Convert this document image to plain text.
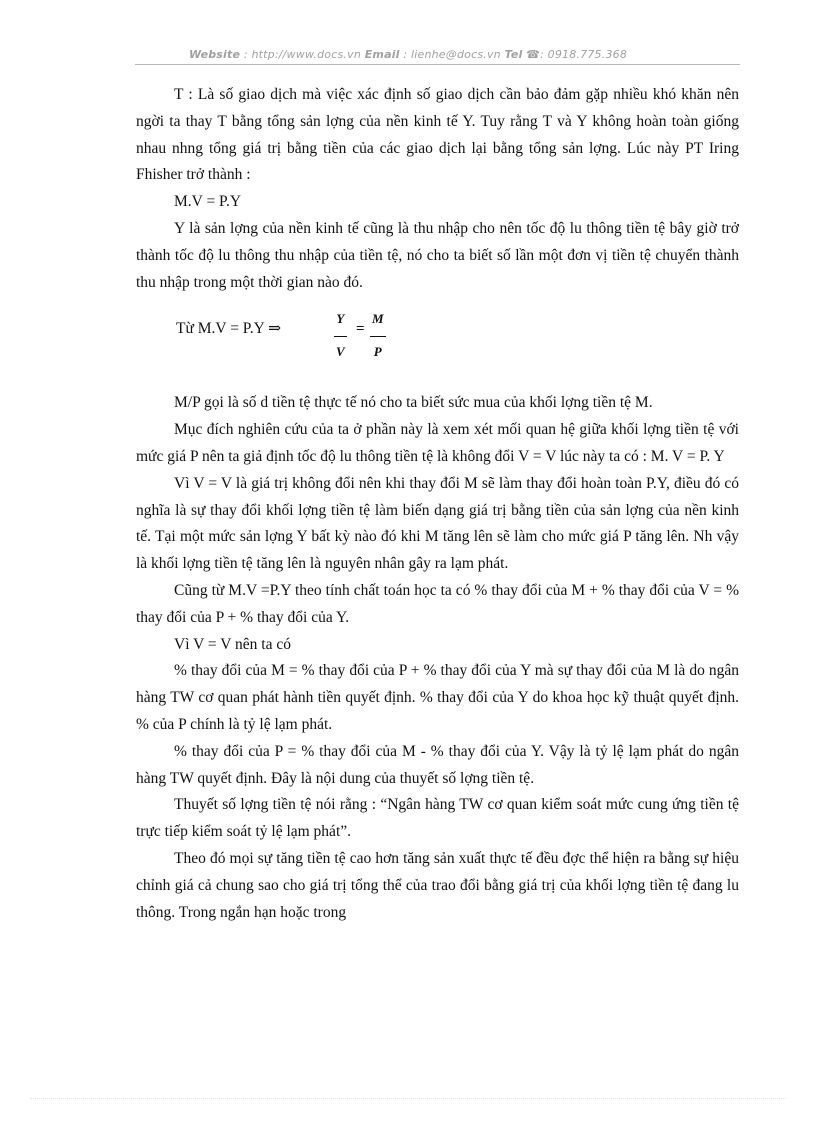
Website : http://www.docs.vn Email : lienhe@docs.vn Tel ☎: 0918.775.368

T : Là số giao dịch mà việc xác định số giao dịch cần bảo đảm gặp nhiều khó khăn nên ngời ta thay T bằng tổng sản lợng của nền kinh tế Y. Tuy rằng T và Y không hoàn toàn giống nhau nhng tổng giá trị bằng tiền của các giao dịch lại bằng tổng sản lợng. Lúc này PT Iring Fhisher trở thành :

M.V = P.Y

Y là sản lợng của nền kinh tế cũng là thu nhập cho nên tốc độ lu thông tiền tệ bây giờ trở thành tốc độ lu thông thu nhập của tiền tệ, nó cho ta biết số lần một đơn vị tiền tệ chuyển thành thu nhập trong một thời gian nào đó.

Từ M.V = P.Y ⇒
Y
V
=
M
P

M/P gọi là số d tiền tệ thực tế nó cho ta biết sức mua của khối lợng tiền tệ M.

Mục đích nghiên cứu của ta ở phần này là xem xét mối quan hệ giữa khối lợng tiền tệ với mức giá P nên ta giả định tốc độ lu thông tiền tệ là không đổi V = V lúc này ta có : M. V = P. Y

Vì V = V là giá trị không đổi nên khi thay đổi M sẽ làm thay đổi hoàn toàn P.Y, điều đó có nghĩa là sự thay đổi khối lợng tiền tệ làm biến dạng giá trị bằng tiền của sản lợng của nền kinh tế. Tại một mức sản lợng Y bất kỳ nào đó khi M tăng lên sẽ làm cho mức giá P tăng lên. Nh vậy là khối lợng tiền tệ tăng lên là nguyên nhân gây ra lạm phát.

Cũng từ M.V =P.Y theo tính chất toán học ta có % thay đổi của M + % thay đổi của V = % thay đổi của P + % thay đổi của Y.

Vì V = V nên ta có

% thay đổi của M = % thay đổi của P + % thay đổi của Y mà sự thay đổi của M là do ngân hàng TW cơ quan phát hành tiền quyết định. % thay đổi của Y do khoa học kỹ thuật quyết định. % của P chính là tỷ lệ lạm phát.

% thay đổi của P = % thay đổi của M - % thay đổi của Y. Vậy là tỷ lệ lạm phát do ngân hàng TW quyết định. Đây là nội dung của thuyết số lợng tiền tệ.

Thuyết số lợng tiền tệ nói rằng : “Ngân hàng TW cơ quan kiểm soát mức cung ứng tiền tệ trực tiếp kiểm soát tỷ lệ lạm phát”.

Theo đó mọi sự tăng tiền tệ cao hơn tăng sản xuất thực tế đều đợc thể hiện ra bằng sự hiệu chỉnh giá cả chung sao cho giá trị tổng thể của trao đổi bằng giá trị của khối lợng tiền tệ đang lu thông. Trong ngắn hạn hoặc trong
